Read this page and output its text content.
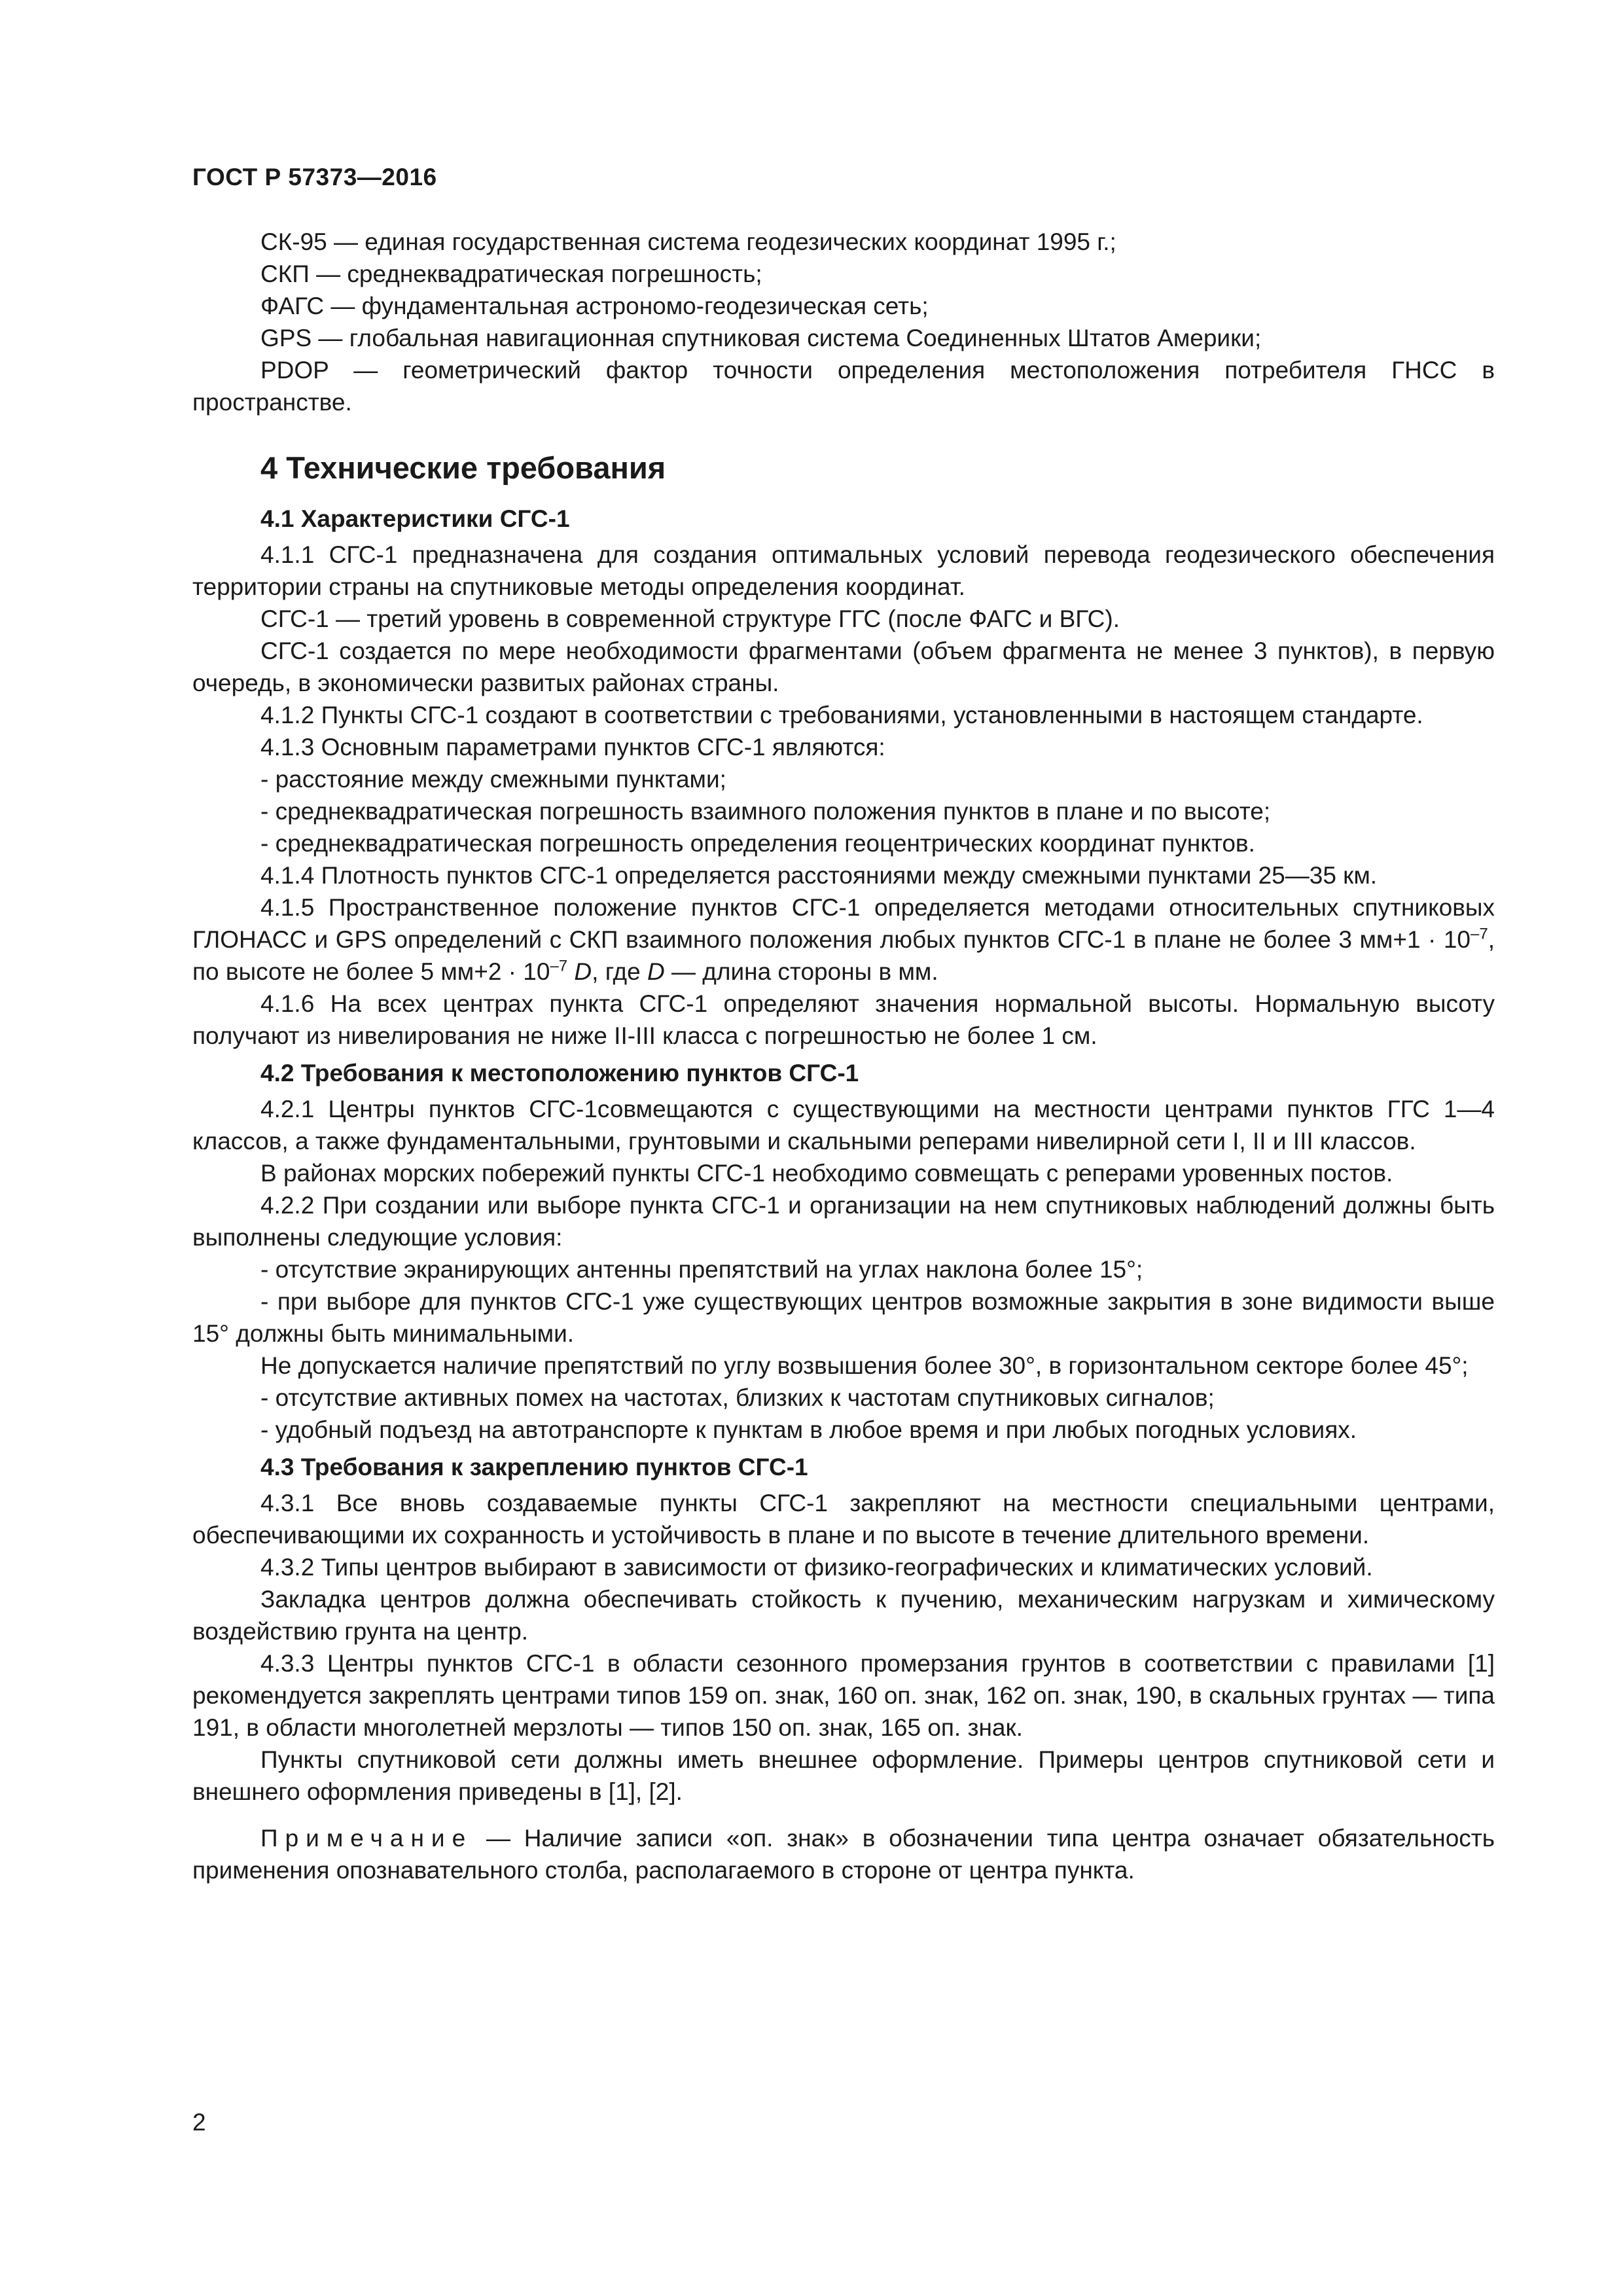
ГОСТ Р 57373—2016

СК-95 — единая государственная система геодезических координат 1995 г.;

СКП — среднеквадратическая погрешность;

ФАГС — фундаментальная астрономо-геодезическая сеть;

GPS — глобальная навигационная спутниковая система Соединенных Штатов Америки;

PDOP — геометрический фактор точности определения местоположения потребителя ГНСС в пространстве.

4 Технические требования
4.1 Характеристики СГС-1

4.1.1 СГС-1 предназначена для создания оптимальных условий перевода геодезического обеспечения территории страны на спутниковые методы определения координат.

СГС-1 — третий уровень в современной структуре ГГС (после ФАГС и ВГС).

СГС-1 создается по мере необходимости фрагментами (объем фрагмента не менее 3 пунктов), в первую очередь, в экономически развитых районах страны.

4.1.2 Пункты СГС-1 создают в соответствии с требованиями, установленными в настоящем стандарте.

4.1.3 Основным параметрами пунктов СГС-1 являются:

- расстояние между смежными пунктами;

- среднеквадратическая погрешность взаимного положения пунктов в плане и по высоте;

- среднеквадратическая погрешность определения геоцентрических координат пунктов.

4.1.4 Плотность пунктов СГС-1 определяется расстояниями между смежными пунктами 25—35 км.

4.1.5 Пространственное положение пунктов СГС-1 определяется методами относительных спутниковых ГЛОНАСС и GPS определений с СКП взаимного положения любых пунктов СГС-1 в плане не более 3 $мм+1 \cdot 10^{-7}$, по высоте не более 5 $мм+2 \cdot 10^{-7}$ D, где D — длина стороны в мм.

4.1.6 На всех центрах пункта СГС-1 определяют значения нормальной высоты. Нормальную высоту получают из нивелирования не ниже II-III класса с погрешностью не более 1 см.

4.2 Требования к местоположению пунктов СГС-1

4.2.1 Центры пунктов СГС-1совмещаются с существующими на местности центрами пунктов ГГС 1—4 классов, а также фундаментальными, грунтовыми и скальными реперами нивелирной сети I, II и III классов.

В районах морских побережий пункты СГС-1 необходимо совмещать с реперами уровенных постов.

4.2.2 При создании или выборе пункта СГС-1 и организации на нем спутниковых наблюдений должны быть выполнены следующие условия:

- отсутствие экранирующих антенны препятствий на углах наклона более 15°;

- при выборе для пунктов СГС-1 уже существующих центров возможные закрытия в зоне видимости выше 15° должны быть минимальными.

Не допускается наличие препятствий по углу возвышения более 30°, в горизонтальном секторе более 45°;

- отсутствие активных помех на частотах, близких к частотам спутниковых сигналов;

- удобный подъезд на автотранспорте к пунктам в любое время и при любых погодных условиях.

4.3 Требования к закреплению пунктов СГС-1

4.3.1 Все вновь создаваемые пункты СГС-1 закрепляют на местности специальными центрами, обеспечивающими их сохранность и устойчивость в плане и по высоте в течение длительного времени.

4.3.2 Типы центров выбирают в зависимости от физико-географических и климатических условий.

Закладка центров должна обеспечивать стойкость к пучению, механическим нагрузкам и химическому воздействию грунта на центр.

4.3.3 Центры пунктов СГС-1 в области сезонного промерзания грунтов в соответствии с правилами [1] рекомендуется закреплять центрами типов 159 оп. знак, 160 оп. знак, 162 оп. знак, 190, в скальных грунтах — типа 191, в области многолетней мерзлоты — типов 150 оп. знак, 165 оп. знак.

Пункты спутниковой сети должны иметь внешнее оформление. Примеры центров спутниковой сети и внешнего оформления приведены в [1], [2].

Примечание — Наличие записи «оп. знак» в обозначении типа центра означает обязательность применения опознавательного столба, располагаемого в стороне от центра пункта.

2
